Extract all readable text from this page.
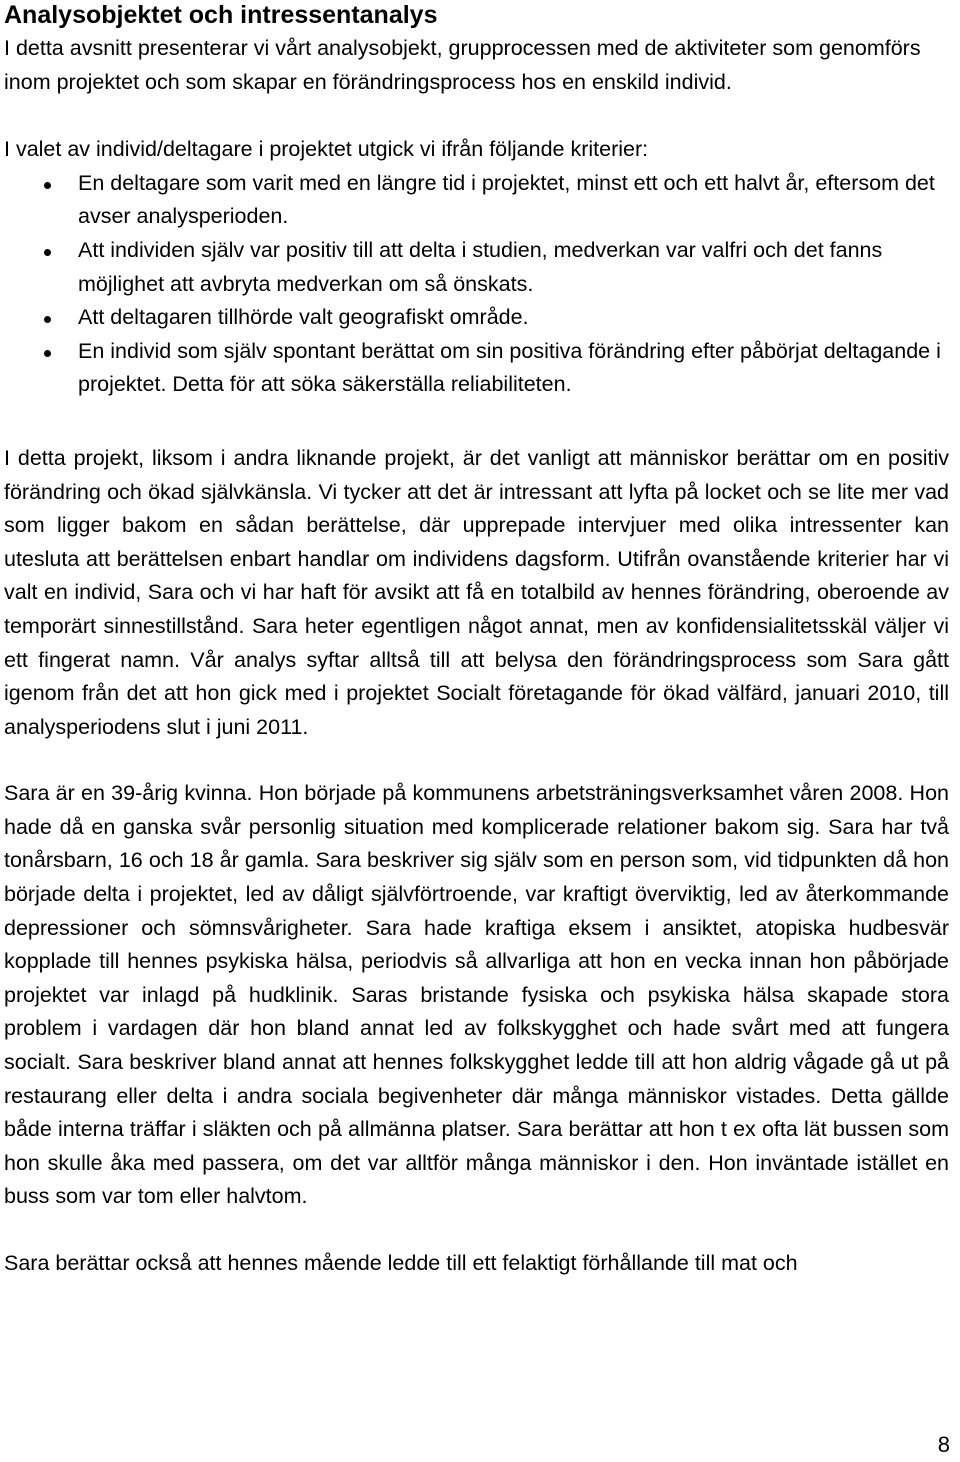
Analysobjektet och intressentanalys

I detta avsnitt presenterar vi vårt analysobjekt, grupprocessen med de aktiviteter som genomförs inom projektet och som skapar en förändringsprocess hos en enskild individ.

I valet av individ/deltagare i projektet utgick vi ifrån följande kriterier:

En deltagare som varit med en längre tid i projektet, minst ett och ett halvt år, eftersom det avser analysperioden.
Att individen själv var positiv till att delta i studien, medverkan var valfri och det fanns möjlighet att avbryta medverkan om så önskats.
Att deltagaren tillhörde valt geografiskt område.
En individ som själv spontant berättat om sin positiva förändring efter påbörjat deltagande i projektet. Detta för att söka säkerställa reliabiliteten.

I detta projekt, liksom i andra liknande projekt, är det vanligt att människor berättar om en positiv förändring och ökad självkänsla. Vi tycker att det är intressant att lyfta på locket och se lite mer vad som ligger bakom en sådan berättelse, där upprepade intervjuer med olika intressenter kan utesluta att berättelsen enbart handlar om individens dagsform. Utifrån ovanstående kriterier har vi valt en individ, Sara och vi har haft för avsikt att få en totalbild av hennes förändring, oberoende av temporärt sinnestillstånd. Sara heter egentligen något annat, men av konfidensialitetsskäl väljer vi ett fingerat namn. Vår analys syftar alltså till att belysa den förändringsprocess som Sara gått igenom från det att hon gick med i projektet Socialt företagande för ökad välfärd, januari 2010, till analysperiodens slut i juni 2011.

Sara är en 39-årig kvinna. Hon började på kommunens arbetsträningsverksamhet våren 2008. Hon hade då en ganska svår personlig situation med komplicerade relationer bakom sig. Sara har två tonårsbarn, 16 och 18 år gamla. Sara beskriver sig själv som en person som, vid tidpunkten då hon började delta i projektet, led av dåligt självförtroende, var kraftigt överviktig, led av återkommande depressioner och sömnsvårigheter. Sara hade kraftiga eksem i ansiktet, atopiska hudbesvär kopplade till hennes psykiska hälsa, periodvis så allvarliga att hon en vecka innan hon påbörjade projektet var inlagd på hudklinik. Saras bristande fysiska och psykiska hälsa skapade stora problem i vardagen där hon bland annat led av folkskygghet och hade svårt med att fungera socialt. Sara beskriver bland annat att hennes folkskygghet ledde till att hon aldrig vågade gå ut på restaurang eller delta i andra sociala begivenheter där många människor vistades. Detta gällde både interna träffar i släkten och på allmänna platser. Sara berättar att hon t ex ofta lät bussen som hon skulle åka med passera, om det var alltför många människor i den. Hon inväntade istället en buss som var tom eller halvtom.

Sara berättar också att hennes mående ledde till ett felaktigt förhållande till mat och

8
